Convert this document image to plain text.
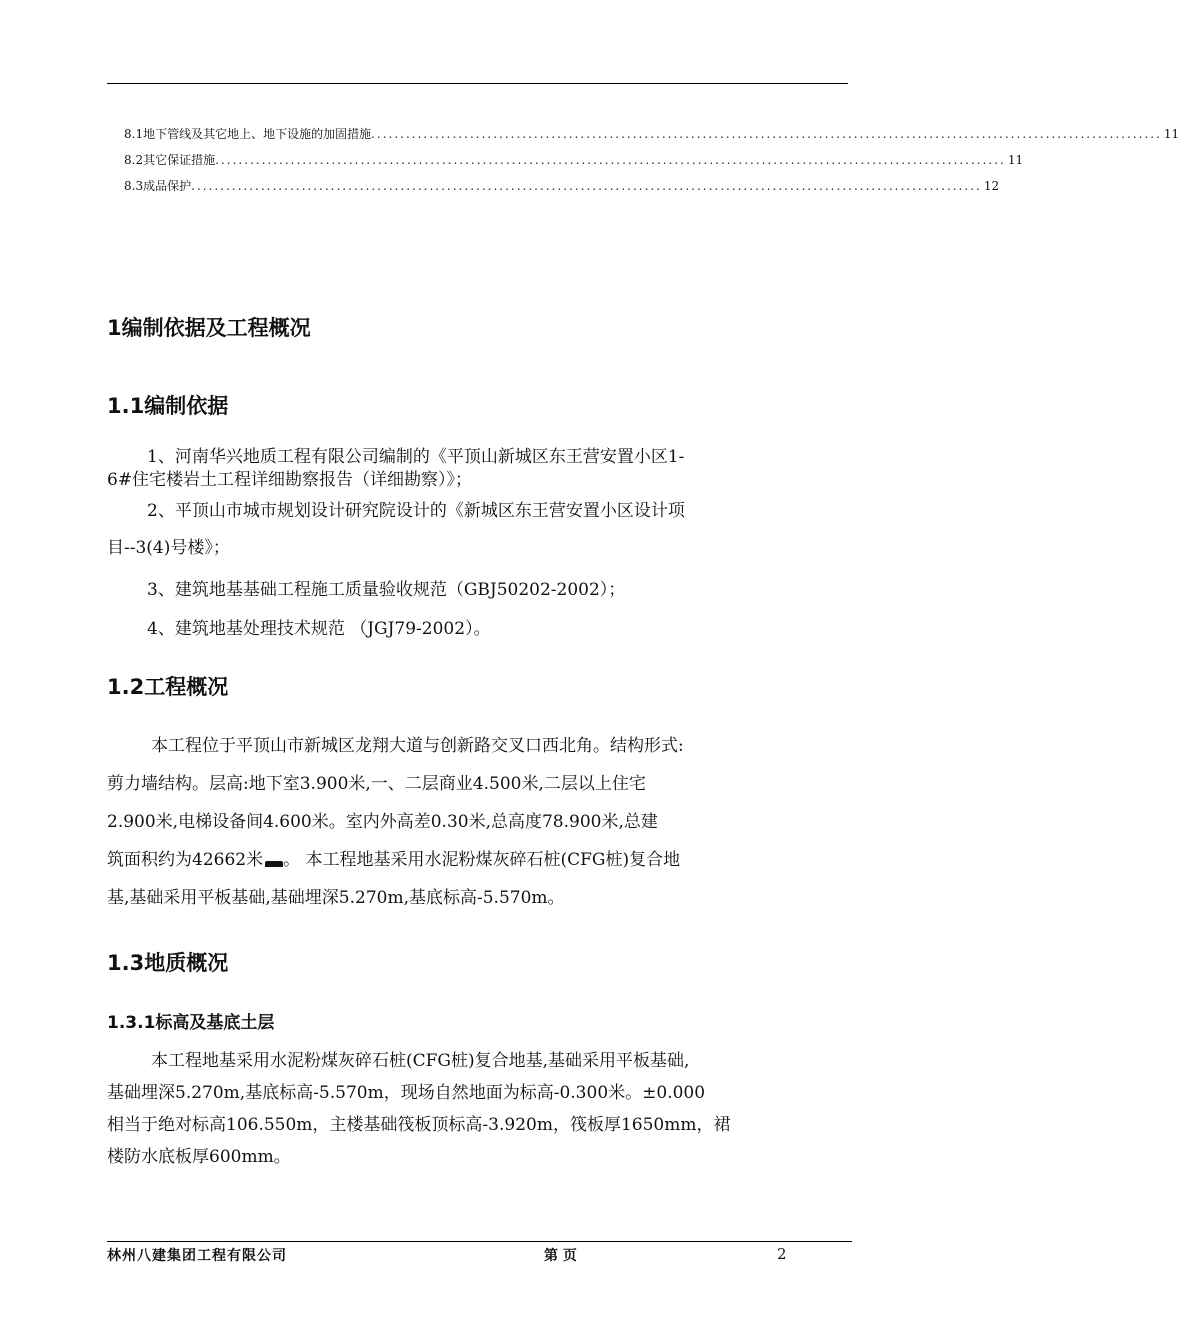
8.1地下管线及其它地上、地下设施的加固措施 ........................................................................................................................................ 11
8.2其它保证措施 ........................................................................................................................................ 11
8.3成品保护 ........................................................................................................................................ 12
1编制依据及工程概况
1.1编制依据
1、河南华兴地质工程有限公司编制的《平顶山新城区东王营安置小区1-
6#住宅楼岩土工程详细勘察报告（详细勘察）》；
2、平顶山市城市规划设计研究院设计的《新城区东王营安置小区设计项
目--3(4)号楼》；
3、建筑地基基础工程施工质量验收规范（GBJ50202-2002）；
4、建筑地基处理技术规范 （JGJ79-2002）。
1.2工程概况
本工程位于平顶山市新城区龙翔大道与创新路交叉口西北角。结构形式:
剪力墙结构。层高:地下室3.900米,一、二层商业4.500米,二层以上住宅
2.900米,电梯设备间4.600米。室内外高差0.30米,总高度78.900米,总建
筑面积约为42662米 。 本工程地基采用水泥粉煤灰碎石桩(CFG桩)复合地
基,基础采用平板基础,基础埋深5.270m,基底标高-5.570m。
1.3地质概况
1.3.1标高及基底土层
本工程地基采用水泥粉煤灰碎石桩(CFG桩)复合地基,基础采用平板基础,
基础埋深5.270m,基底标高-5.570m，现场自然地面为标高-0.300米。±0.000
相当于绝对标高106.550m，主楼基础筏板顶标高-3.920m，筏板厚1650mm，裙
楼防水底板厚600mm。
林州八建集团工程有限公司	第 页	2
